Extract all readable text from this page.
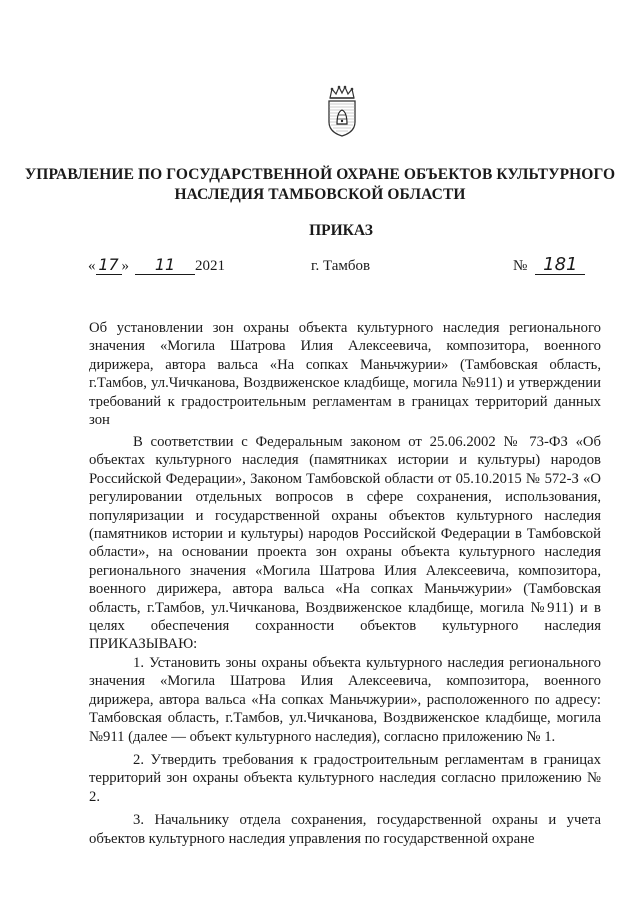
УПРАВЛЕНИЕ ПО ГОСУДАРСТВЕННОЙ ОХРАНЕ ОБЪЕКТОВ КУЛЬТУРНОГО НАСЛЕДИЯ ТАМБОВСКОЙ ОБЛАСТИ
ПРИКАЗ
« 17 » 11 2021	г. Тамбов	№ 181
Об установлении зон охраны объекта культурного наследия регионального значения «Могила Шатрова Илия Алексеевича, композитора, военного дирижера, автора вальса «На сопках Маньчжурии» (Тамбовская область, г.Тамбов, ул.Чичканова, Воздвиженское кладбище, могила №911) и утверждении требований к градостроительным регламентам в границах территорий данных зон

В соответствии с Федеральным законом от 25.06.2002 № 73-ФЗ «Об объектах культурного наследия (памятниках истории и культуры) народов Российской Федерации», Законом Тамбовской области от 05.10.2015 № 572-З «О регулировании отдельных вопросов в сфере сохранения, использования, популяризации и государственной охраны объектов культурного наследия (памятников истории и культуры) народов Российской Федерации в Тамбовской области», на основании проекта зон охраны объекта культурного наследия регионального значения «Могила Шатрова Илия Алексеевича, композитора, военного дирижера, автора вальса «На сопках Маньчжурии» (Тамбовская область, г.Тамбов, ул.Чичканова, Воздвиженское кладбище, могила №911) и в целях обеспечения сохранности объектов культурного наследия ПРИКАЗЫВАЮ:

1. Установить зоны охраны объекта культурного наследия регионального значения «Могила Шатрова Илия Алексеевича, композитора, военного дирижера, автора вальса «На сопках Маньчжурии», расположенного по адресу: Тамбовская область, г.Тамбов, ул.Чичканова, Воздвиженское кладбище, могила №911 (далее — объект культурного наследия), согласно приложению № 1.

2. Утвердить требования к градостроительным регламентам в границах территорий зон охраны объекта культурного наследия согласно приложению № 2.

3. Начальнику отдела сохранения, государственной охраны и учета объектов культурного наследия управления по государственной охране
